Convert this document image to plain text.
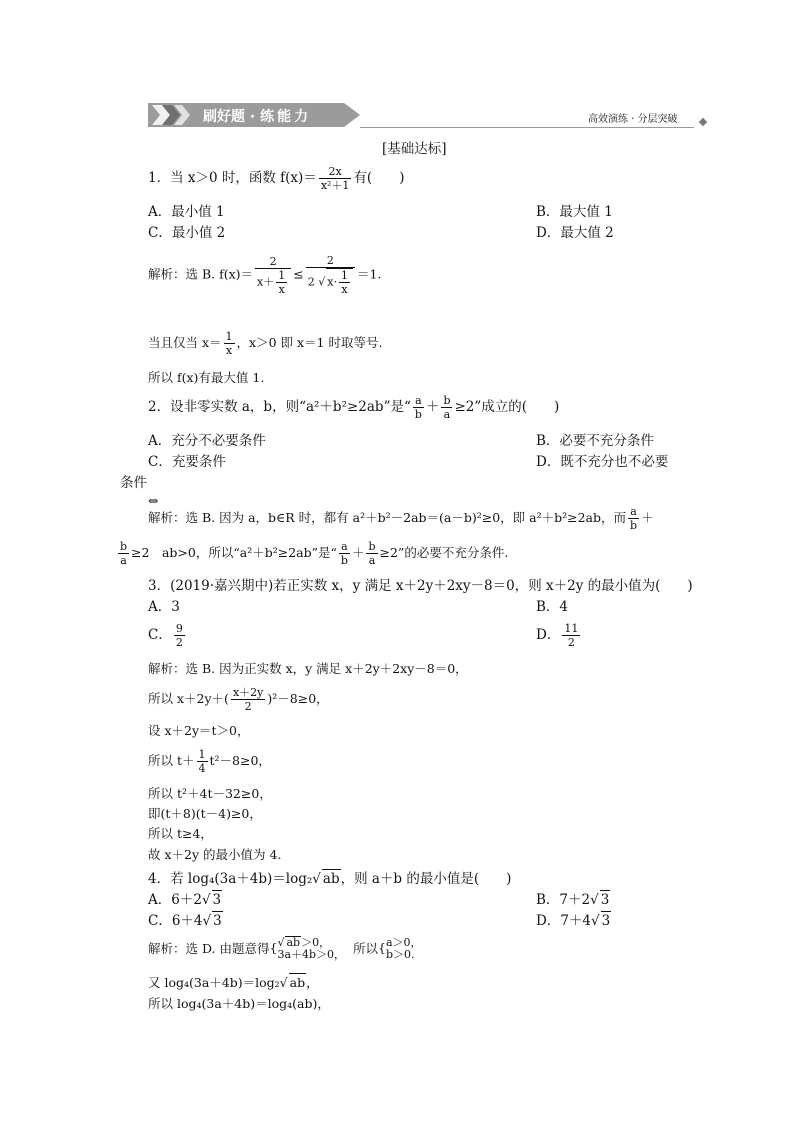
刷好题 · 练能力	高效演练 · 分层突破
[基础达标]
1．当 x＞0 时，函数 $f(x)= \frac{2x}{\text{x²＋1}}$ 有(　　)
A．最小值 1	B．最大值 1
C．最小值 2	D．最大值 2
解析：选 B. $f(x)= \frac{2}{x+ \frac{1}{x}} \le \frac{2}{2 √ x\cdot \frac{1}{x}} =1$.
当且仅当 $x= \frac{1}{x}$ ，x＞0 即 x＝1 时取等号.
所以 f(x)有最大值 1.
2．设非零实数 a，b，则“a²＋b²≥2ab”是“ $\frac{a}{b} + \frac{b}{a} \ge 2$”成立的(　　)
A．充分不必要条件	B．必要不充分条件
C．充要条件	D．既不充分也不必要
条件
⇔
解析：选 B. 因为 a，b∈R 时，都有 a²＋b²－2ab＝(a－b)²≥0，即 a²＋b²≥2ab，而 $\frac{a}{b}$ ＋
$\frac{b}{a} \ge 2$　ab>0，所以“a²＋b²≥2ab”是“ $\frac{a}{b} + \frac{b}{a} \ge 2$”的必要不充分条件.
3．(2019·嘉兴期中)若正实数 x，y 满足 x＋2y＋2xy－8＝0，则 x＋2y 的最小值为(　　)
A．3	B．4
C． $\frac{9}{2}$	D． $\frac{11}{2}$
解析：选 B. 因为正实数 x，y 满足 x＋2y＋2xy－8＝0，
所以 $x+2y+( \frac{x+2y}{2} )^2-8\ge 0$，
设 x＋2y＝t＞0，
所以 $t+ \frac{1}{4} t^2-8\ge 0$，
所以 t²＋4t－32≥0，
即(t＋8)(t－4)≥0，
所以 t≥4，
故 x＋2y 的最小值为 4.
4．若 log₄(3a＋4b)＝log₂√ ab，则 a＋b 的最小值是(　　)
A．6＋2√ 3	B．7＋2√ 3
C．6＋4√ 3	D．7＋4√ 3
解析：选 D. 由题意得{ √ ab＞0，
3a＋4b＞0， 所以{ a＞0，
b＞0.
又 log₄(3a＋4b)＝log₂√ ab，
所以 log₄(3a＋4b)＝log₄(ab)，
